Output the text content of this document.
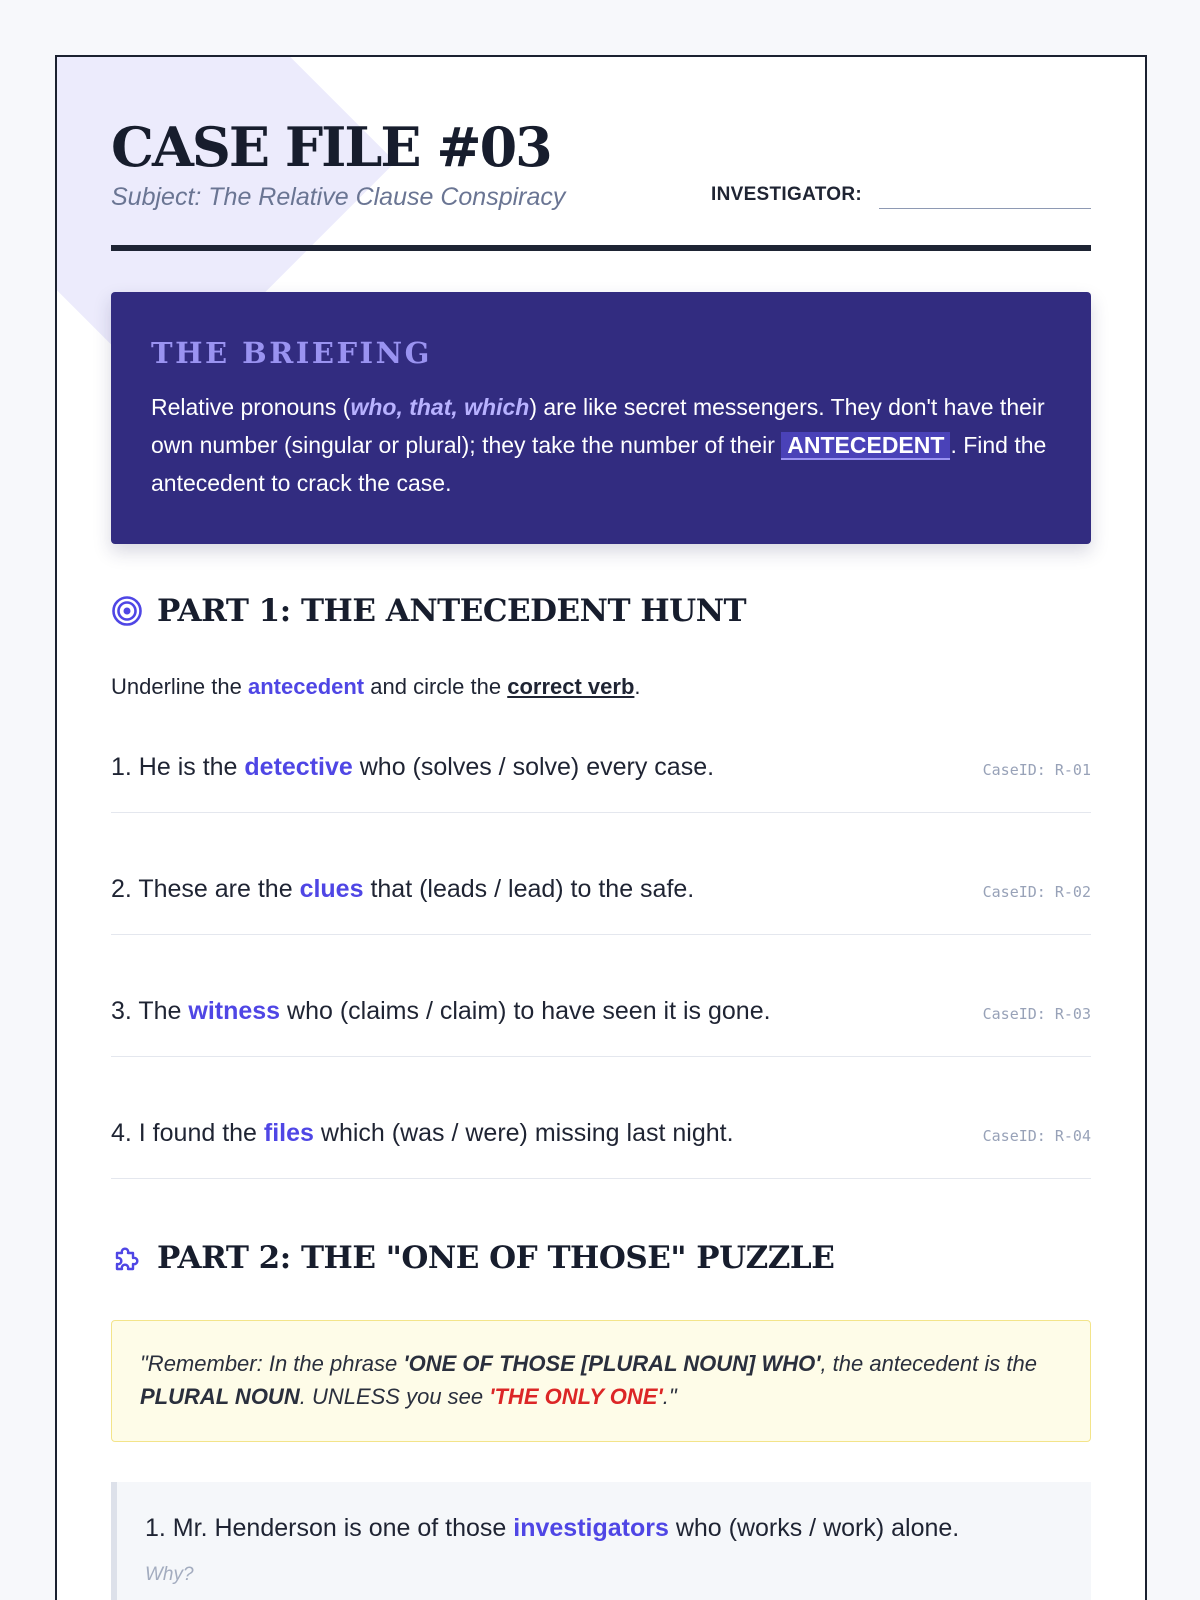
CASE FILE #03
Subject: The Relative Clause Conspiracy	INVESTIGATOR:
THE BRIEFING
Relative pronouns (who, that, which) are like secret messengers. They don't have their own number (singular or plural); they take the number of their ANTECEDENT . Find the antecedent to crack the case.
PART 1: THE ANTECEDENT HUNT
Underline the antecedent and circle the correct verb.
1. He is the detective who (solves / solve) every case.	CaseID: R-01
2. These are the clues that (leads / lead) to the safe.	CaseID: R-02
3. The witness who (claims / claim) to have seen it is gone.	CaseID: R-03
4. I found the files which (was / were) missing last night.	CaseID: R-04
PART 2: THE "ONE OF THOSE" PUZZLE
"Remember: In the phrase 'ONE OF THOSE [PLURAL NOUN] WHO', the antecedent is the PLURAL NOUN. UNLESS you see 'THE ONLY ONE'."
1. Mr. Henderson is one of those investigators who (works / work) alone.
Why?
